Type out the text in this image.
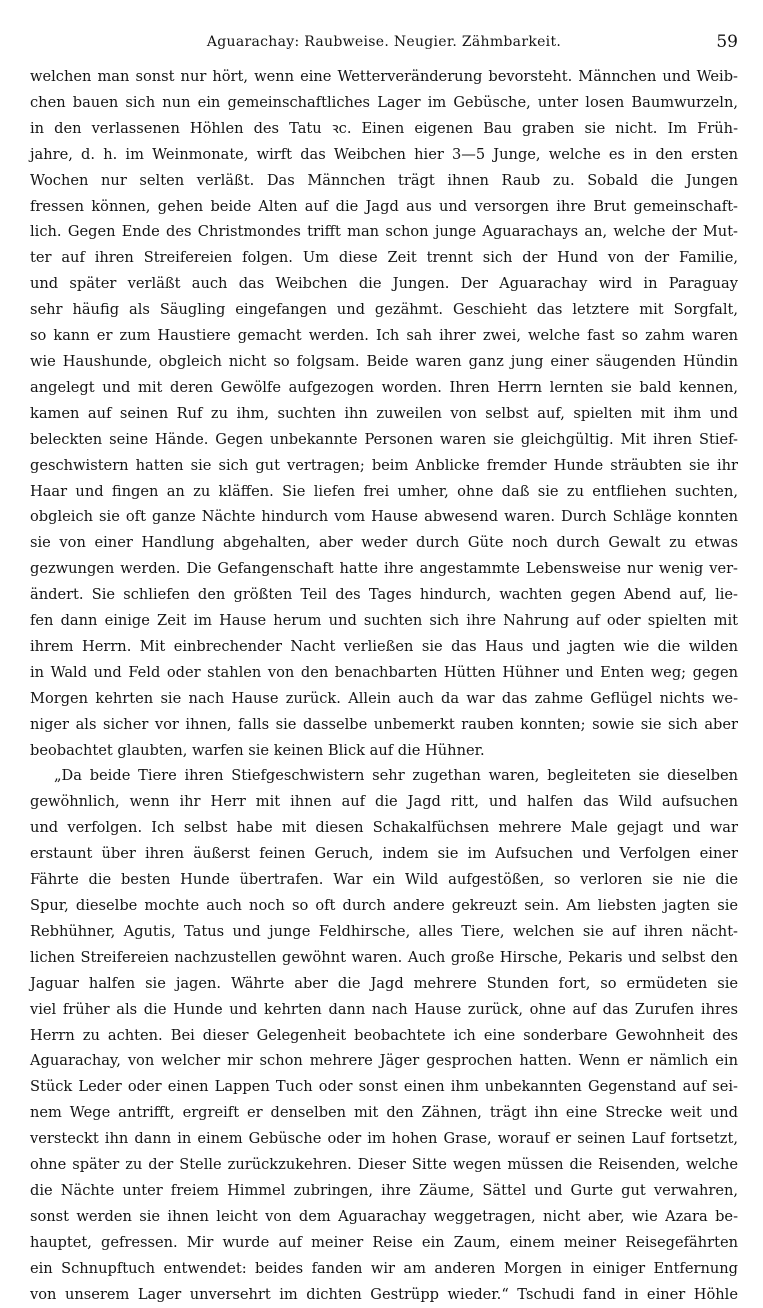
Aguarachay: Raubweise. Neugier. Zähmbarkeit.	59
welchen man sonst nur hört, wenn eine Wetterveränderung bevorsteht. Männchen und Weib-
chen bauen sich nun ein gemeinschaftliches Lager im Gebüsche, unter losen Baumwurzeln,
in den verlassenen Höhlen des Tatu ꝛc. Einen eigenen Bau graben sie nicht. Im Früh-
jahre, d. h. im Weinmonate, wirft das Weibchen hier 3—5 Junge, welche es in den ersten
Wochen nur selten verläßt. Das Männchen trägt ihnen Raub zu. Sobald die Jungen
fressen können, gehen beide Alten auf die Jagd aus und versorgen ihre Brut gemeinschaft-
lich. Gegen Ende des Christmondes trifft man schon junge Aguarachays an, welche der Mut-
ter auf ihren Streifereien folgen. Um diese Zeit trennt sich der Hund von der Familie,
und später verläßt auch das Weibchen die Jungen. Der Aguarachay wird in Paraguay
sehr häufig als Säugling eingefangen und gezähmt. Geschieht das letztere mit Sorgfalt,
so kann er zum Haustiere gemacht werden. Ich sah ihrer zwei, welche fast so zahm waren
wie Haushunde, obgleich nicht so folgsam. Beide waren ganz jung einer säugenden Hündin
angelegt und mit deren Gewölfe aufgezogen worden. Ihren Herrn lernten sie bald kennen,
kamen auf seinen Ruf zu ihm, suchten ihn zuweilen von selbst auf, spielten mit ihm und
beleckten seine Hände. Gegen unbekannte Personen waren sie gleichgültig. Mit ihren Stief-
geschwistern hatten sie sich gut vertragen; beim Anblicke fremder Hunde sträubten sie ihr
Haar und fingen an zu kläffen. Sie liefen frei umher, ohne daß sie zu entfliehen suchten,
obgleich sie oft ganze Nächte hindurch vom Hause abwesend waren. Durch Schläge konnten
sie von einer Handlung abgehalten, aber weder durch Güte noch durch Gewalt zu etwas
gezwungen werden. Die Gefangenschaft hatte ihre angestammte Lebensweise nur wenig ver-
ändert. Sie schliefen den größten Teil des Tages hindurch, wachten gegen Abend auf, lie-
fen dann einige Zeit im Hause herum und suchten sich ihre Nahrung auf oder spielten mit
ihrem Herrn. Mit einbrechender Nacht verließen sie das Haus und jagten wie die wilden
in Wald und Feld oder stahlen von den benachbarten Hütten Hühner und Enten weg; gegen
Morgen kehrten sie nach Hause zurück. Allein auch da war das zahme Geflügel nichts we-
niger als sicher vor ihnen, falls sie dasselbe unbemerkt rauben konnten; sowie sie sich aber
beobachtet glaubten, warfen sie keinen Blick auf die Hühner.
„Da beide Tiere ihren Stiefgeschwistern sehr zugethan waren, begleiteten sie dieselben
gewöhnlich, wenn ihr Herr mit ihnen auf die Jagd ritt, und halfen das Wild aufsuchen
und verfolgen. Ich selbst habe mit diesen Schakalfüchsen mehrere Male gejagt und war
erstaunt über ihren äußerst feinen Geruch, indem sie im Aufsuchen und Verfolgen einer
Fährte die besten Hunde übertrafen. War ein Wild aufgestößen, so verloren sie nie die
Spur, dieselbe mochte auch noch so oft durch andere gekreuzt sein. Am liebsten jagten sie
Rebhühner, Agutis, Tatus und junge Feldhirsche, alles Tiere, welchen sie auf ihren nächt-
lichen Streifereien nachzustellen gewöhnt waren. Auch große Hirsche, Pekaris und selbst den
Jaguar halfen sie jagen. Währte aber die Jagd mehrere Stunden fort, so ermüdeten sie
viel früher als die Hunde und kehrten dann nach Hause zurück, ohne auf das Zurufen ihres
Herrn zu achten. Bei dieser Gelegenheit beobachtete ich eine sonderbare Gewohnheit des
Aguarachay, von welcher mir schon mehrere Jäger gesprochen hatten. Wenn er nämlich ein
Stück Leder oder einen Lappen Tuch oder sonst einen ihm unbekannten Gegenstand auf sei-
nem Wege antrifft, ergreift er denselben mit den Zähnen, trägt ihn eine Strecke weit und
versteckt ihn dann in einem Gebüsche oder im hohen Grase, worauf er seinen Lauf fortsetzt,
ohne später zu der Stelle zurückzukehren. Dieser Sitte wegen müssen die Reisenden, welche
die Nächte unter freiem Himmel zubringen, ihre Zäume, Sättel und Gurte gut verwahren,
sonst werden sie ihnen leicht von dem Aguarachay weggetragen, nicht aber, wie Azara be-
hauptet, gefressen. Mir wurde auf meiner Reise ein Zaum, einem meiner Reisegefährten
ein Schnupftuch entwendet: beides fanden wir am anderen Morgen in einiger Entfernung
von unserem Lager unversehrt im dichten Gestrüpp wieder.“ Tschudi fand in einer Höhle
